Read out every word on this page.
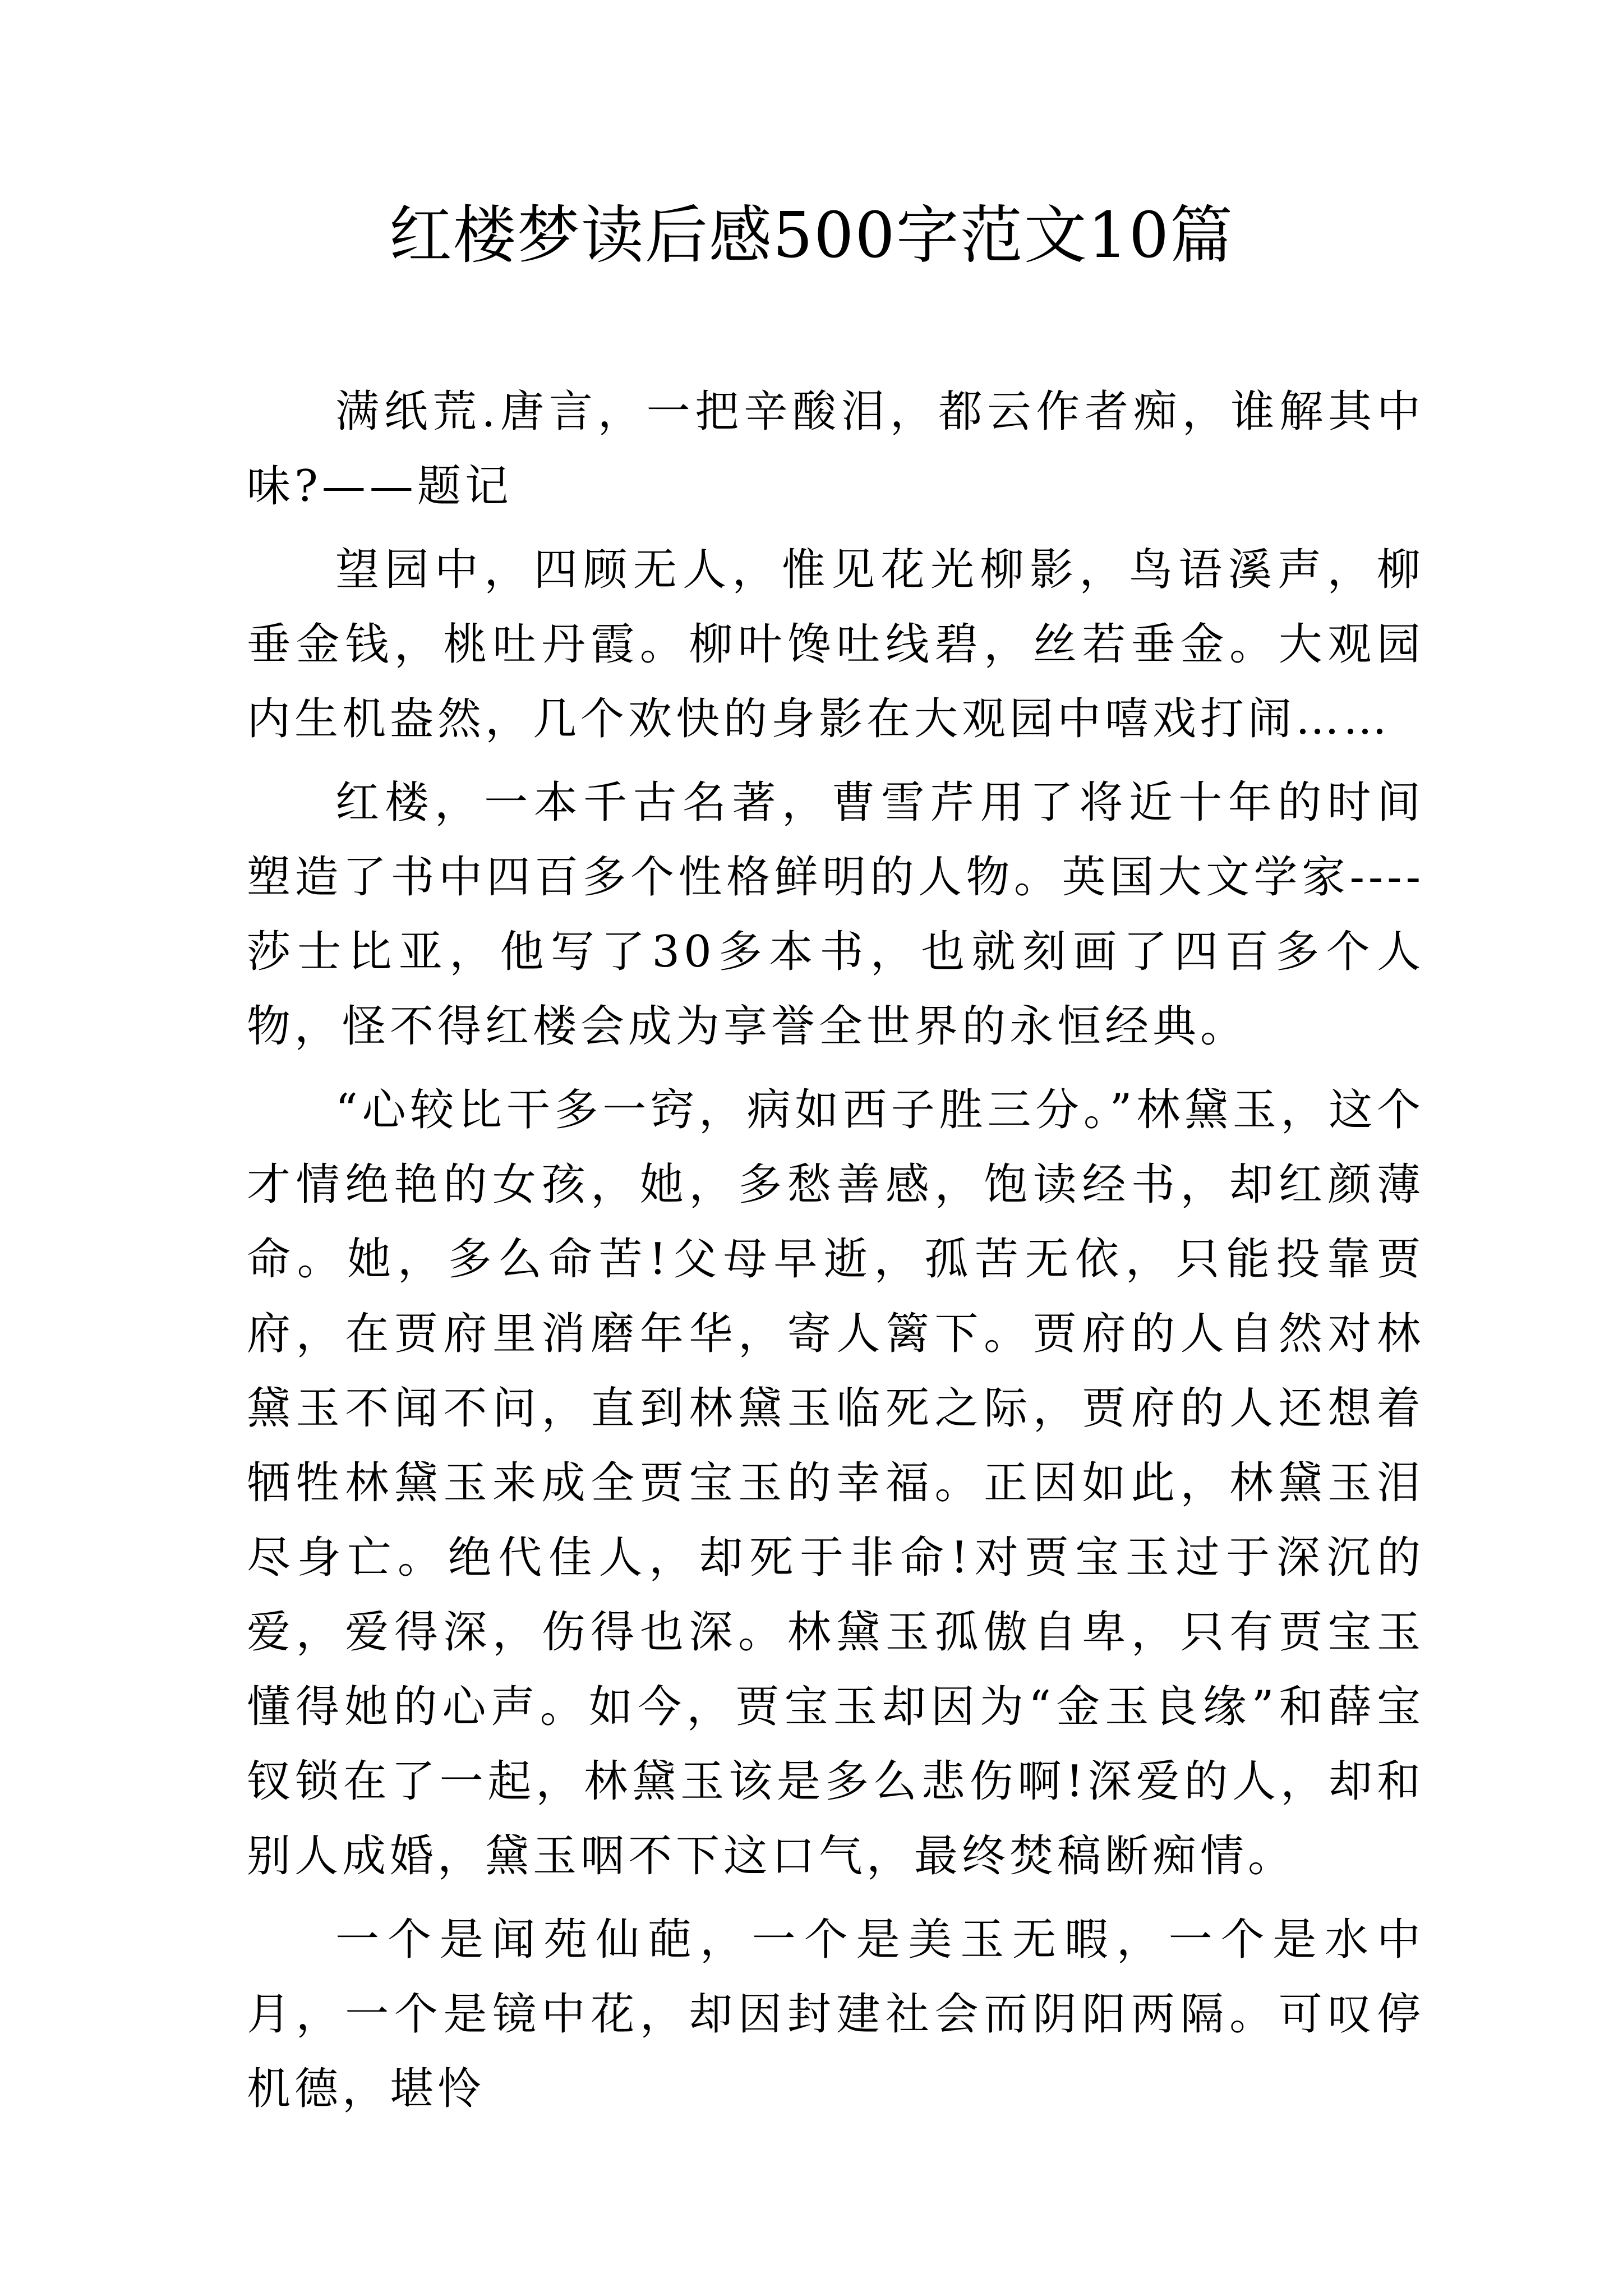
红楼梦读后感500字范文10篇

满纸荒.唐言，一把辛酸泪，都云作者痴，谁解其中味?——题记

望园中，四顾无人，惟见花光柳影，鸟语溪声，柳垂金钱，桃吐丹霞。柳叶馋吐线碧，丝若垂金。大观园内生机盎然，几个欢快的身影在大观园中嘻戏打闹……

红楼，一本千古名著，曹雪芹用了将近十年的时间塑造了书中四百多个性格鲜明的人物。英国大文学家----莎士比亚，他写了30多本书，也就刻画了四百多个人物，怪不得红楼会成为享誉全世界的永恒经典。

“心较比干多一窍，病如西子胜三分。”林黛玉，这个才情绝艳的女孩，她，多愁善感，饱读经书，却红颜薄命。她，多么命苦!父母早逝，孤苦无依，只能投靠贾府，在贾府里消磨年华，寄人篱下。贾府的人自然对林黛玉不闻不问，直到林黛玉临死之际，贾府的人还想着牺牲林黛玉来成全贾宝玉的幸福。正因如此，林黛玉泪尽身亡。绝代佳人，却死于非命!对贾宝玉过于深沉的爱，爱得深，伤得也深。林黛玉孤傲自卑，只有贾宝玉懂得她的心声。如今，贾宝玉却因为“金玉良缘”和薛宝钗锁在了一起，林黛玉该是多么悲伤啊!深爱的人，却和别人成婚，黛玉咽不下这口气，最终焚稿断痴情。

一个是闻苑仙葩，一个是美玉无暇，一个是水中月，一个是镜中花，却因封建社会而阴阳两隔。可叹停机德，堪怜
